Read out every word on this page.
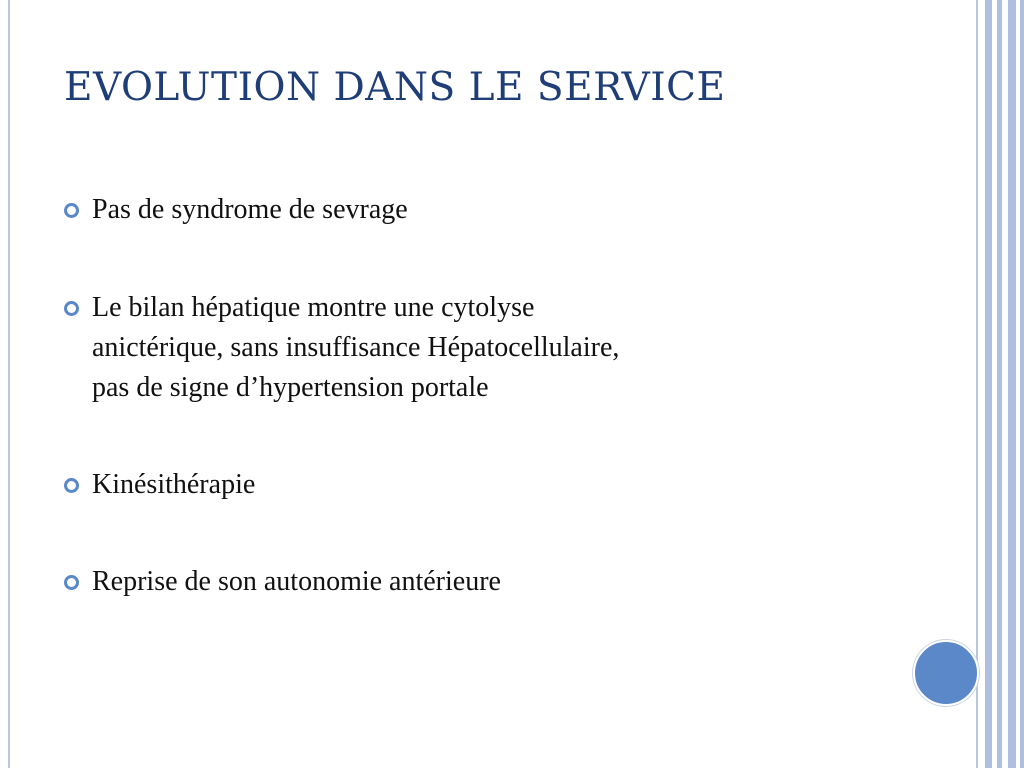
EVOLUTION DANS LE SERVICE
Pas de syndrome de sevrage
Le bilan hépatique montre une cytolyse
anictérique, sans insuffisance Hépatocellulaire,
pas de signe d’hypertension portale
Kinésithérapie
Reprise de son autonomie antérieure
